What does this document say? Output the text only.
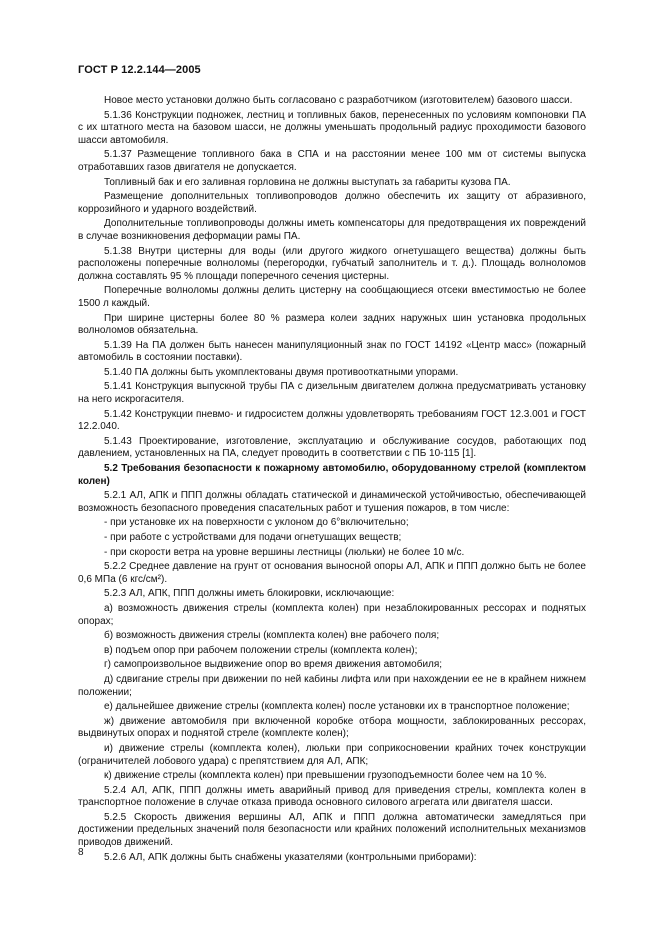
ГОСТ Р 12.2.144—2005

Новое место установки должно быть согласовано с разработчиком (изготовителем) базового шасси.

5.1.36 Конструкции подножек, лестниц и топливных баков, перенесенных по условиям компоновки ПА с их штатного места на базовом шасси, не должны уменьшать продольный радиус проходимости базового шасси автомобиля.

5.1.37 Размещение топливного бака в СПА и на расстоянии менее 100 мм от системы выпуска отработавших газов двигателя не допускается.

Топливный бак и его заливная горловина не должны выступать за габариты кузова ПА.

Размещение дополнительных топливопроводов должно обеспечить их защиту от абразивного, коррозийного и ударного воздействий.

Дополнительные топливопроводы должны иметь компенсаторы для предотвращения их повреждений в случае возникновения деформации рамы ПА.

5.1.38 Внутри цистерны для воды (или другого жидкого огнетушащего вещества) должны быть расположены поперечные волноломы (перегородки, губчатый заполнитель и т. д.). Площадь волноломов должна составлять 95 % площади поперечного сечения цистерны.

Поперечные волноломы должны делить цистерну на сообщающиеся отсеки вместимостью не более 1500 л каждый.

При ширине цистерны более 80 % размера колеи задних наружных шин установка продольных волноломов обязательна.

5.1.39 На ПА должен быть нанесен манипуляционный знак по ГОСТ 14192 «Центр масс» (пожарный автомобиль в состоянии поставки).

5.1.40 ПА должны быть укомплектованы двумя противооткатными упорами.

5.1.41 Конструкция выпускной трубы ПА с дизельным двигателем должна предусматривать установку на него искрогасителя.

5.1.42 Конструкции пневмо- и гидросистем должны удовлетворять требованиям ГОСТ 12.3.001 и ГОСТ 12.2.040.

5.1.43 Проектирование, изготовление, эксплуатацию и обслуживание сосудов, работающих под давлением, установленных на ПА, следует проводить в соответствии с ПБ 10-115 [1].

5.2 Требования безопасности к пожарному автомобилю, оборудованному стрелой (комплектом колен)

5.2.1 АЛ, АПК и ППП должны обладать статической и динамической устойчивостью, обеспечивающей возможность безопасного проведения спасательных работ и тушения пожаров, в том числе:

- при установке их на поверхности с уклоном до 6°включительно;

- при работе с устройствами для подачи огнетушащих веществ;

- при скорости ветра на уровне вершины лестницы (люльки) не более 10 м/с.

5.2.2 Среднее давление на грунт от основания выносной опоры АЛ, АПК и ППП должно быть не более 0,6 МПа (6 кгс/см²).

5.2.3 АЛ, АПК, ППП должны иметь блокировки, исключающие:

а) возможность движения стрелы (комплекта колен) при незаблокированных рессорах и поднятых опорах;

б) возможность движения стрелы (комплекта колен) вне рабочего поля;

в) подъем опор при рабочем положении стрелы (комплекта колен);

г) самопроизвольное выдвижение опор во время движения автомобиля;

д) сдвигание стрелы при движении по ней кабины лифта или при нахождении ее не в крайнем нижнем положении;

е) дальнейшее движение стрелы (комплекта колен) после установки их в транспортное положение;

ж) движение автомобиля при включенной коробке отбора мощности, заблокированных рессорах, выдвинутых опорах и поднятой стреле (комплекте колен);

и) движение стрелы (комплекта колен), люльки при соприкосновении крайних точек конструкции (ограничителей лобового удара) с препятствием для АЛ, АПК;

к) движение стрелы (комплекта колен) при превышении грузоподъемности более чем на 10 %.

5.2.4 АЛ, АПК, ППП должны иметь аварийный привод для приведения стрелы, комплекта колен в транспортное положение в случае отказа привода основного силового агрегата или двигателя шасси.

5.2.5 Скорость движения вершины АЛ, АПК и ППП должна автоматически замедляться при достижении предельных значений поля безопасности или крайних положений исполнительных механизмов приводов движений.

5.2.6 АЛ, АПК должны быть снабжены указателями (контрольными приборами):

8
